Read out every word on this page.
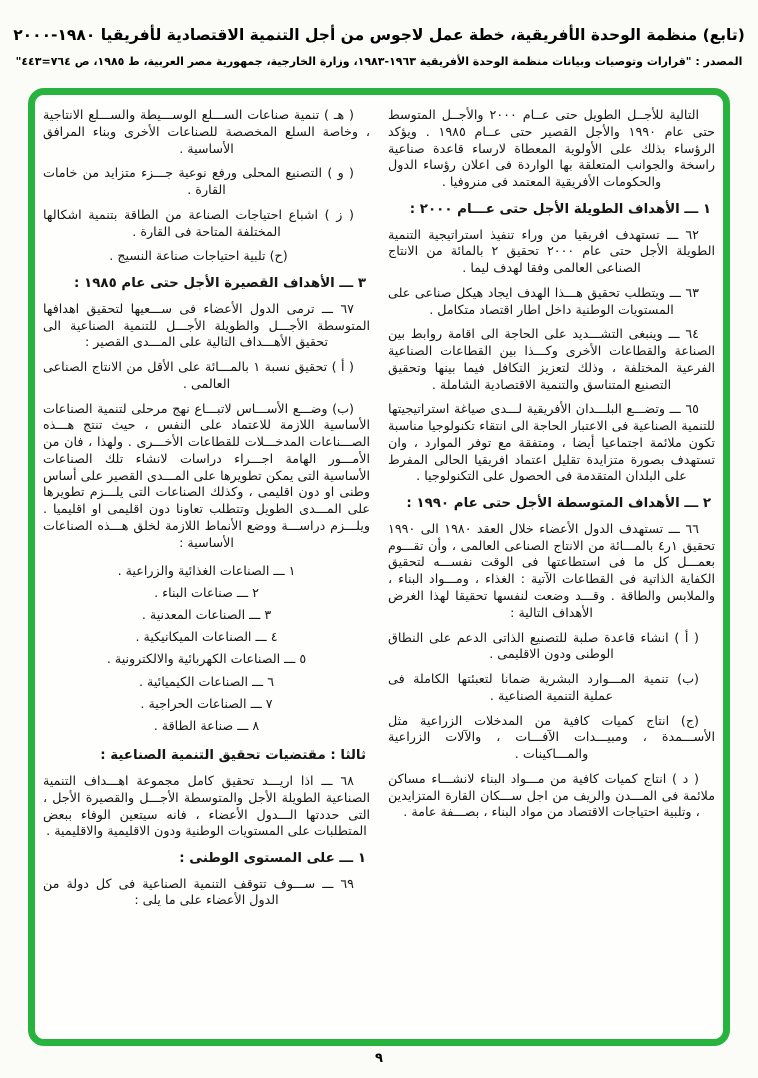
(تابع) منظمة الوحدة الأفريقية، خطة عمل لاجوس من أجل التنمية الاقتصادية لأفريقيا ١٩٨٠-٢٠٠٠
المصدر : "قرارات وتوصيات وبيانات منظمة الوحدة الأفريقية ⁦١٩٦٣-١٩٨٣⁩، وزارة الخارجية، جمهورية مصر العربية، ط ١٩٨٥، ص ٧٦٤=٤٤٣"
التالية للأجــل الطويل حتى عــام ٢٠٠٠ والأجــل المتوسط حتى عام ١٩٩٠ والأجل القصير حتى عــام ١٩٨٥ . ويؤكد الرؤساء بذلك على الأولوية المعطاة لارساء قاعدة صناعية راسخة والجوانب المتعلقة بها الواردة فى اعلان رؤساء الدول والحكومات الأفريقية المعتمد فى منروفيا .
١ ـــ الأهداف الطويلة الأجل حتى عـــام ٢٠٠٠ :
٦٢ ـــ تستهدف افريقيا من وراء تنفيذ استراتيجية التنمية الطويلة الأجل حتى عام ٢٠٠٠ تحقيق ٢ بالمائة من الانتاج الصناعى العالمى وفقا لهدف ليما .
٦٣ ـــ ويتطلب تحقيق هـــذا الهدف ايجاد هيكل صناعى على المستويات الوطنية داخل اطار اقتصاد متكامل .
٦٤ ـــ وينبغى التشـــديد على الحاجة الى اقامة روابط بين الصناعة والقطاعات الأخرى وكـــذا بين القطاعات الصناعية الفرعية المختلفة ، وذلك لتعزيز التكافل فيما بينها وتحقيق التصنيع المتناسق والتنمية الاقتصادية الشاملة .
٦٥ ـــ وتضـــع البلـــدان الأفريقية لـــدى صياغة استراتيجيتها للتنمية الصناعية فى الاعتبار الحاجة الى انتقاء تكنولوجيا مناسبة تكون ملائمة اجتماعيا أيضا ، ومتفقة مع توفر الموارد ، وان تستهدف بصورة متزايدة تقليل اعتماد افريقيا الحالى المفرط على البلدان المتقدمة فى الحصول على التكنولوجيا .
٢ ـــ الأهداف المتوسطة الأجل حتى عام ١٩٩٠ :
٦٦ ـــ تستهدف الدول الأعضاء خلال العقد ١٩٨٠ الى ١٩٩٠ تحقيق ١ر٤ بالمـــائة من الانتاج الصناعى العالمى ، وأن تقـــوم بعمـــل كل ما فى استطاعتها فى الوقت نفســـه لتحقيق الكفاية الذاتية فى القطاعات الآتية : الغذاء ، ومـــواد البناء ، والملابس والطاقة . وقـــد وضعت لنفسها تحقيقا لهذا الغرض الأهداف التالية :
( أ ) انشاء قاعدة صلبة للتصنيع الذاتى الدعم على النطاق الوطنى ودون الاقليمى .
(ب) تنمية المـــوارد البشرية ضمانا لتعبئتها الكاملة فى عملية التنمية الصناعية .
(ج) انتاج كميات كافية من المدخلات الزراعية مثل الأســـمدة ، ومبيـــدات الآفـــات ، والآلات الزراعية والمـــاكينات .
( د ) انتاج كميات كافية من مـــواد البناء لانشـــاء مساكن ملائمة فى المـــدن والريف من اجل ســـكان القارة المتزايدين ، وتلبية احتياجات الاقتصاد من مواد البناء ، بصـــفة عامة .
( هـ ) تنمية صناعات الســـلع الوســـيطة والســـلع الانتاجية ، وخاصة السلع المخصصة للصناعات الأخرى وبناء المرافق الأساسية .
( و ) التصنيع المحلى ورفع نوعية جـــزء متزايد من خامات القارة .
( ز ) اشباع احتياجات الصناعة من الطاقة بتنمية اشكالها المختلفة المتاحة فى القارة .
(ح) تلبية احتياجات صناعة النسيج .
٣ ـــ الأهداف القصيرة الأجل حتى عام ١٩٨٥ :
٦٧ ـــ ترمى الدول الأعضاء فى ســـعيها لتحقيق اهدافها المتوسطة الأجـــل والطويلة الأجـــل للتنمية الصناعية الى تحقيق الأهـــداف التالية على المـــدى القصير :
( أ ) تحقيق نسبة ١ بالمـــائة على الأقل من الانتاج الصناعى العالمى .
(ب) وضـــع الأســـاس لاتبـــاع نهج مرحلى لتنمية الصناعات الأساسية اللازمة للاعتماد على النفس ، حيث تنتج هـــذه الصـــناعات المدخـــلات للقطاعات الأخـــرى . ولهذا ، فان من الأمـــور الهامة اجـــراء دراسات لانشاء تلك الصناعات الأساسية التى يمكن تطويرها على المـــدى القصير على أساس وطنى او دون اقليمى ، وكذلك الصناعات التى يلـــزم تطويرها على المـــدى الطويل وتتطلب تعاونا دون اقليمى او اقليميا . ويلـــزم دراســـة ووضع الأنماط اللازمة لخلق هـــذه الصناعات الأساسية :
١ ـــ الصناعات الغذائية والزراعية .
٢ ـــ صناعات البناء .
٣ ـــ الصناعات المعدنية .
٤ ـــ الصناعات الميكانيكية .
٥ ـــ الصناعات الكهربائية والالكترونية .
٦ ـــ الصناعات الكيميائية .
٧ ـــ الصناعات الحراجية .
٨ ـــ صناعة الطاقة .
ثالثا : مقتضيات تحقيق التنمية الصناعية :
٦٨ ـــ اذا اريـــد تحقيق كامل مجموعة اهـــداف التنمية الصناعية الطويلة الأجل والمتوسطة الأجـــل والقصيرة الأجل ، التى حددتها الـــدول الأعضاء ، فانه سيتعين الوفاء ببعض المتطلبات على المستويات الوطنية ودون الاقليمية والاقليمية .
١ ـــ على المستوى الوطنى :
٦٩ ـــ ســـوف تتوقف التنمية الصناعية فى كل دولة من الدول الأعضاء على ما يلى :
٩
